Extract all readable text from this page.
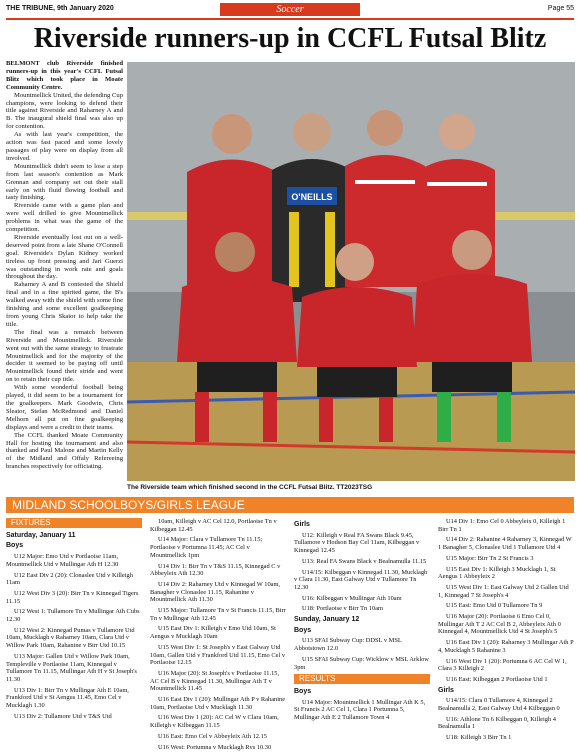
THE TRIBUNE, 9th January 2020	Soccer	Page 55
Riverside runners-up in CCFL Futsal Blitz

BELMONT club Riverside finished runners-up in this year's CCFL Futsal Blitz which took place in Moate Community Centre.

Mountmellick United, the defending Cup champions, were looking to defend their title against Riverside and Raharney A and B. The inaugural shield final was also up for contention.

As with last year's competition, the action was fast paced and some lovely passages of play were on display from all involved.

Mountmellick didn't seem to lose a step from last season's contention as Mark Grennan and company set out their stall early on with fluid flowing football and tasty finishing.

Riverside came with a game plan and were well drilled to give Mountmellick problems in what was the game of the competition.

Riverside eventually lost out on a well-deserved point from a late Shane O'Connell goal. Riverside's Dylan Kidney worked tireless up front pressing and Jari Guerzi was outstanding in work rate and goals throughout the day.

Raharney A and B contested the Shield final and in a fine spirited game, the B's walked away with the shield with some fine finishing and some excellent goalkeeping from young Chris Skator to help take the title.

The final was a rematch between Riverside and Mountmellick. Riverside went out with the same strategy to frustrate Mountmellick and for the majority of the decider it seemed to be paying off until Mountmellick found their stride and went on to retain their cup title.

With some wonderful football being played, it did seem to be a tournament for the goalkeepers. Mark Goodwin, Chris Sleator, Stefan McRedmond and Daniel Melhorn all put on fine goalkeeping displays and were a credit to their teams.

The CCFL thanked Moate Community Hall for hosting the tournament and also thanked and Paul Malone and Martin Kelly of the Midland and Offaly Refereeing branches respectively for officiating.

O'NEILLS
The Riverside team which finished second in the CCFL Futsal Blitz. TT2023TSG
MIDLAND SCHOOLBOYS/GIRLS LEAGUE
FIXTURES
Saturday, January 11
Boys

U12 Major: Emo Utd v Portlaoise 11am, Mountmellick Utd v Mullingar Ath H 12.30

U12 East Div 2 (20): Clonaslee Utd v Killeigh 11am

U12 West Div 3 (20): Birr Tn v Kinnegad Tigers 11.15

U12 West 1: Tullamore Tn v Mullingar Ath Cubs 12.30

U12 West 2: Kinnegad Pumas v Tullamore Utd 10am, Mucklagh v Raharney 10am, Clara Utd v Willow Park 10am, Rahanine v Birr Utd 10.15

U13 Major: Gallen Utd v Willow Park 10am, Templeville v Portlaoise 11am, Kinnegad v Tullamore Tn 11.15, Mullingar Ath H v St Joseph's 11.30

U13 Div 1: Birr Tn v Mullingar Ath E 10am, Frankford Utd v St Aengus 11.45, Emo Cel v Mucklagh 1.30

U13 Div 2: Tullamore Utd v T&S Utd

10am, Killeigh v AC Cel 12.0, Portlaoise Tn v Kilbeggan 12.45

U14 Major: Clara v Tullamore Tn 11.15; Portlaoise v Portumna 11.45; AC Cel v Mountmellick 1pm

U14 Div 1: Birr Tn v T&S 11.15, Kinnegad C v Abbeyleix Ath 12.30

U14 Div 2: Raharney Utd v Kinnegad W 10am, Banagher v Clonaslee 11.15, Rahanine v Mountmellick Ath 11.30

U15 Major: Tullamore Tn v St Francis 11.15, Birr Tn v Mullingar Ath 12.45

U15 East Div 1: Killeigh v Emo Utd 10am, St Aengus v Mucklagh 10am

U15 West Div 1: St Joseph's v East Galway Utd 10am, Gallen Utd v Frankford Utd 11.15, Emo Cel v Portlaoise 12.15

U16 Major (20): St Joseph's v Portlaoise 11.15, AC Cel B v Kinnegad 11.30, Mullingar Ath T v Mountmellick 11.45

U16 East Div 1 (20): Mullingar Ath P v Rahanine 10am, Portlaoise Utd v Mucklagh 11.30

U16 West Div 1 (20): AC Cel W v Clara 10am, Killeigh v Kilbeggan 11.15

U16 East: Emo Cel v Abbeyleix Ath 12.15

U16 West: Portumna v Mucklagh Rvs 10.30

Girls

U12: Killeigh v Real FA Swans Black 9.45, Tullamore v Hodson Bay Cel 11am, Kilbeggan v Kinnegad 12.45

U13: Real FA Swans Black v Bealnamulla 11.15

U14/15: Kilbeggan v Kinnegad 11.30, Mucklagh v Clara 11.30, East Galway Utd v Tullamore Tn 12.30

U16: Kilbeggan v Mullingar Ath 10am

U18: Portlaoise v Birr Tn 10am

Sunday, January 12
Boys

U13 SFAI Subway Cup: DDSL v MSL Abbotstown 12.0

U15 SFAI Subway Cup: Wicklow v MSL Arklow 3pm

RESULTS
Boys

U14 Major: Mountmellick 1 Mullingar Ath K 5, St Francis 2 AC Cel 1, Clara 1 Portumna 5, Mullingar Ath E 2 Tullamore Town 4

U14 Div 1: Emo Cel 0 Abbeyleix 0, Killeigh 1 Birr Tn 1

U14 Div 2: Rahanine 4 Raharney 3, Kinnegad W 1 Banagher 5, Clonaslee Utd 1 Tullamore Utd 4

U15 Major: Birr Tn 2 St Francis 3

U15 East Div 1: Killeigh 3 Mucklagh 1, St Aengus 1 Abbeyleix 2

U15 West Div 1: East Galway Utd 2 Gallen Utd 1, Kinnegad 7 St Joseph's 4

U15 East: Emo Utd 0 Tullamore Tn 9

U16 Major (20): Portlaoise 6 Emo Cel 0, Mullingar Ath T 2 AC Cel B 2, Abbeyleix Ath 0 Kinnegad 4, Mountmellick Utd 4 St Joseph's 5

U16 East Div 1 (20): Raharney 3 Mullingar Ath P 4, Mucklagh 5 Rahanine 3

U16 West Div 1 (20): Portumna 6 AC Cel W 1, Clara 3 Killeigh 2

U16 East: Kilbeggan 2 Portlaoise Utd 1

Girls

U14/15: Clara 0 Tullamore 4, Kinnegad 2 Bealnamulla 2, East Galway Utd 4 Kilbeggan 0

U16: Athlone Tn 6 Kilbeggan 0, Killeigh 4 Bealnamulla 1

U18: Killeigh 3 Birr Tn 1
